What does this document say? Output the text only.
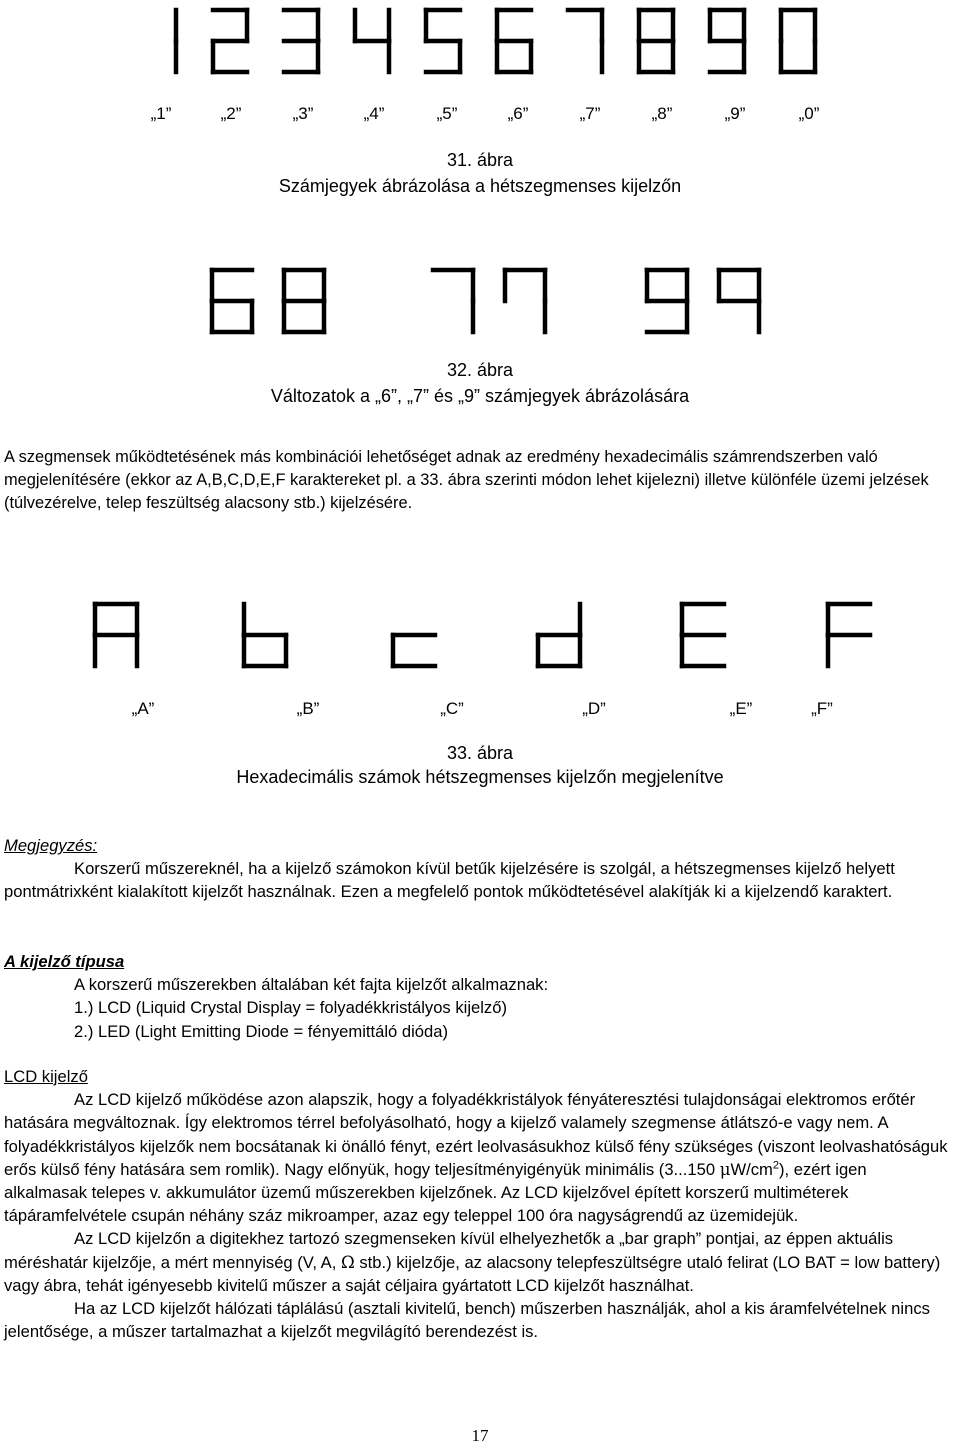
„1”	„2”	„3”	„4”	„5”	„6”	„7”	„8”	„9”	„0”
31. ábra
Számjegyek ábrázolása a hétszegmenses kijelzőn
32. ábra
Változatok a „6”, „7” és „9” számjegyek ábrázolására
A szegmensek működtetésének más kombinációi lehetőséget adnak az eredmény hexadecimális számrendszerben való megjelenítésére (ekkor az A,B,C,D,E,F karaktereket pl. a 33. ábra szerinti módon lehet kijelezni) illetve különféle üzemi jelzések (túlvezérelve, telep feszültség alacsony stb.) kijelzésére.
„A”	„B”	„C”	„D”	„E”	„F”
33. ábra
Hexadecimális számok hétszegmenses kijelzőn megjelenítve
Megjegyzés:
Korszerű műszereknél, ha a kijelző számokon kívül betűk kijelzésére is szolgál, a hétszegmenses kijelző helyett pontmátrixként kialakított kijelzőt használnak. Ezen a megfelelő pontok működtetésével alakítják ki a kijelzendő karaktert.
A kijelző típusa
A korszerű műszerekben általában két fajta kijelzőt alkalmaznak:
1.) LCD (Liquid Crystal Display = folyadékkristályos kijelző)
2.) LED (Light Emitting Diode = fényemittáló dióda)
LCD kijelző
Az LCD kijelző működése azon alapszik, hogy a folyadékkristályok fényáteresztési tulajdonságai elektromos erőtér hatására megváltoznak. Így elektromos térrel befolyásolható, hogy a kijelző valamely szegmense átlátszó-e vagy nem. A folyadékkristályos kijelzők nem bocsátanak ki önálló fényt, ezért leolvasásukhoz külső fény szükséges (viszont leolvashatóságuk erős külső fény hatására sem romlik). Nagy előnyük, hogy teljesítményigényük minimális (3...150 $\mu W/cm^2$), ezért igen alkalmasak telepes v. akkumulátor üzemű műszerekben kijelzőnek. Az LCD kijelzővel épített korszerű multiméterek tápáramfelvétele csupán néhány száz mikroamper, azaz egy teleppel 100 óra nagyságrendű az üzemidejük.
Az LCD kijelzőn a digitekhez tartozó szegmenseken kívül elhelyezhetők a „bar graph” pontjai, az éppen aktuális méréshatár kijelzője, a mért mennyiség (V, A, Ω stb.) kijelzője, az alacsony telepfeszültségre utaló felirat (LO BAT = low battery) vagy ábra, tehát igényesebb kivitelű műszer a saját céljaira gyártatott LCD kijelzőt használhat.
Ha az LCD kijelzőt hálózati táplálású (asztali kivitelű, bench) műszerben használják, ahol a kis áramfelvételnek nincs jelentősége, a műszer tartalmazhat a kijelzőt megvilágító berendezést is.
17
